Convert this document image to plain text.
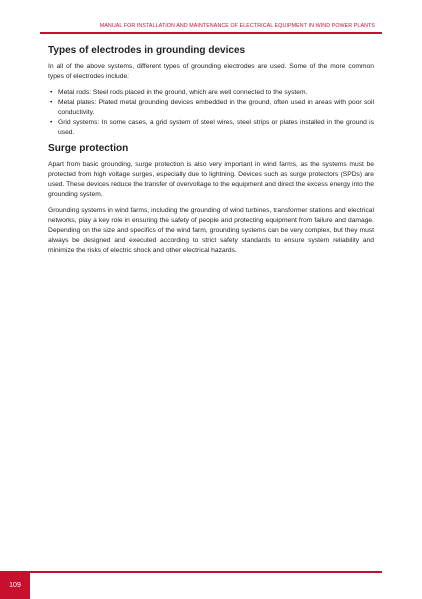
MANUAL FOR INSTALLATION AND MAINTENANCE OF ELECTRICAL EQUIPMENT IN WIND POWER PLANTS
Types of electrodes in grounding devices

In all of the above systems, different types of grounding electrodes are used. Some of the more common types of electrodes include:

• Metal rods: Steel rods placed in the ground, which are well connected to the system.
• Metal plates: Plated metal grounding devices embedded in the ground, often used in areas with poor soil conductivity.
• Grid systems: In some cases, a grid system of steel wires, steel strips or plates installed in the ground is used.
Surge protection

Apart from basic grounding, surge protection is also very important in wind farms, as the systems must be protected from high voltage surges, especially due to lightning. Devices such as surge protectors (SPDs) are used. These devices reduce the transfer of overvoltage to the equipment and direct the excess energy into the grounding system.

Grounding systems in wind farms, including the grounding of wind turbines, transformer stations and electrical networks, play a key role in ensuring the safety of people and protecting equipment from failure and damage. Depending on the size and specifics of the wind farm, grounding systems can be very complex, but they must always be designed and executed according to strict safety standards to ensure system reliability and minimize the risks of electric shock and other electrical hazards.

109
